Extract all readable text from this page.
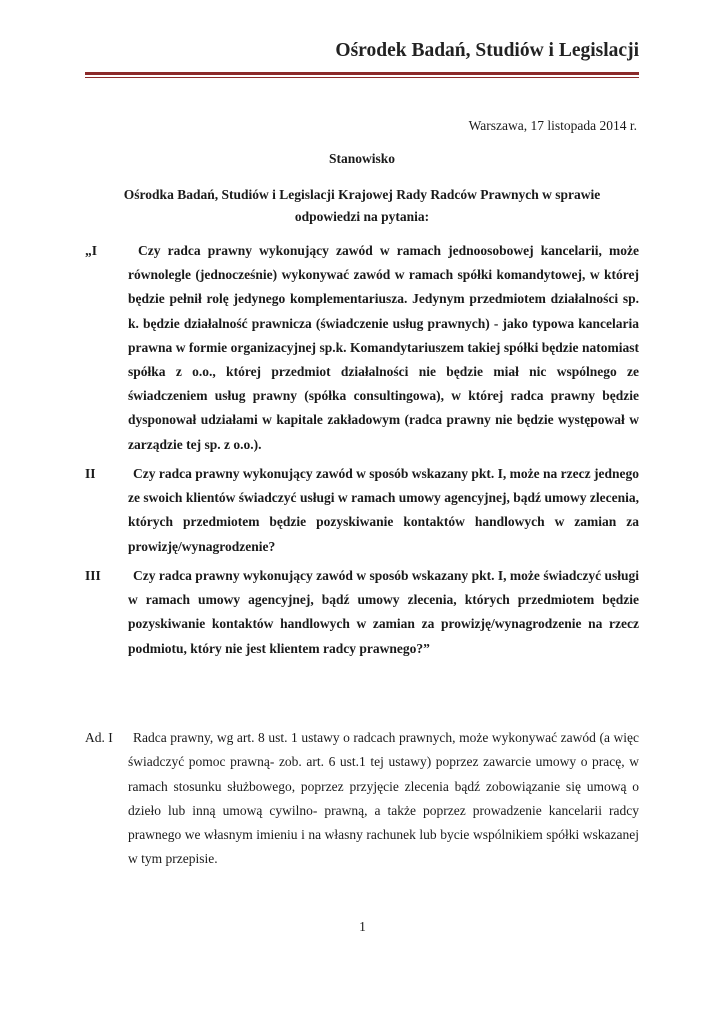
Ośrodek Badań, Studiów i Legislacji
Warszawa, 17 listopada 2014 r.
Stanowisko
Ośrodka Badań, Studiów i Legislacji Krajowej Rady Radców Prawnych w sprawie
odpowiedzi na pytania:
„I	Czy radca prawny wykonujący zawód w ramach jednoosobowej kancelarii, może równolegle (jednocześnie) wykonywać zawód w ramach spółki komandytowej, w której będzie pełnił rolę jedynego komplementariusza. Jedynym przedmiotem działalności sp. k. będzie działalność prawnicza (świadczenie usług prawnych) - jako typowa kancelaria prawna w formie organizacyjnej sp.k. Komandytariuszem takiej spółki będzie natomiast spółka z o.o., której przedmiot działalności nie będzie miał nic wspólnego ze świadczeniem usług prawny (spółka consultingowa), w której radca prawny będzie dysponował udziałami w kapitale zakładowym (radca prawny nie będzie występował w zarządzie tej sp. z o.o.).

II	Czy radca prawny wykonujący zawód w sposób wskazany pkt. I, może na rzecz jednego ze swoich klientów świadczyć usługi w ramach umowy agencyjnej, bądź umowy zlecenia, których przedmiotem będzie pozyskiwanie kontaktów handlowych w zamian za prowizję/wynagrodzenie?

III	Czy radca prawny wykonujący zawód w sposób wskazany pkt. I, może świadczyć usługi w ramach umowy agencyjnej, bądź umowy zlecenia, których przedmiotem będzie pozyskiwanie kontaktów handlowych w zamian za prowizję/wynagrodzenie na rzecz podmiotu, który nie jest klientem radcy prawnego?”

Ad. I	Radca prawny, wg art. 8 ust. 1 ustawy o radcach prawnych, może wykonywać zawód (a więc świadczyć pomoc prawną- zob. art. 6 ust.1 tej ustawy) poprzez zawarcie umowy o pracę, w ramach stosunku służbowego, poprzez przyjęcie zlecenia bądź zobowiązanie się umową o dzieło lub inną umową cywilno- prawną, a także poprzez prowadzenie kancelarii radcy prawnego we własnym imieniu i na własny rachunek lub bycie wspólnikiem spółki wskazanej w tym przepisie.

1
